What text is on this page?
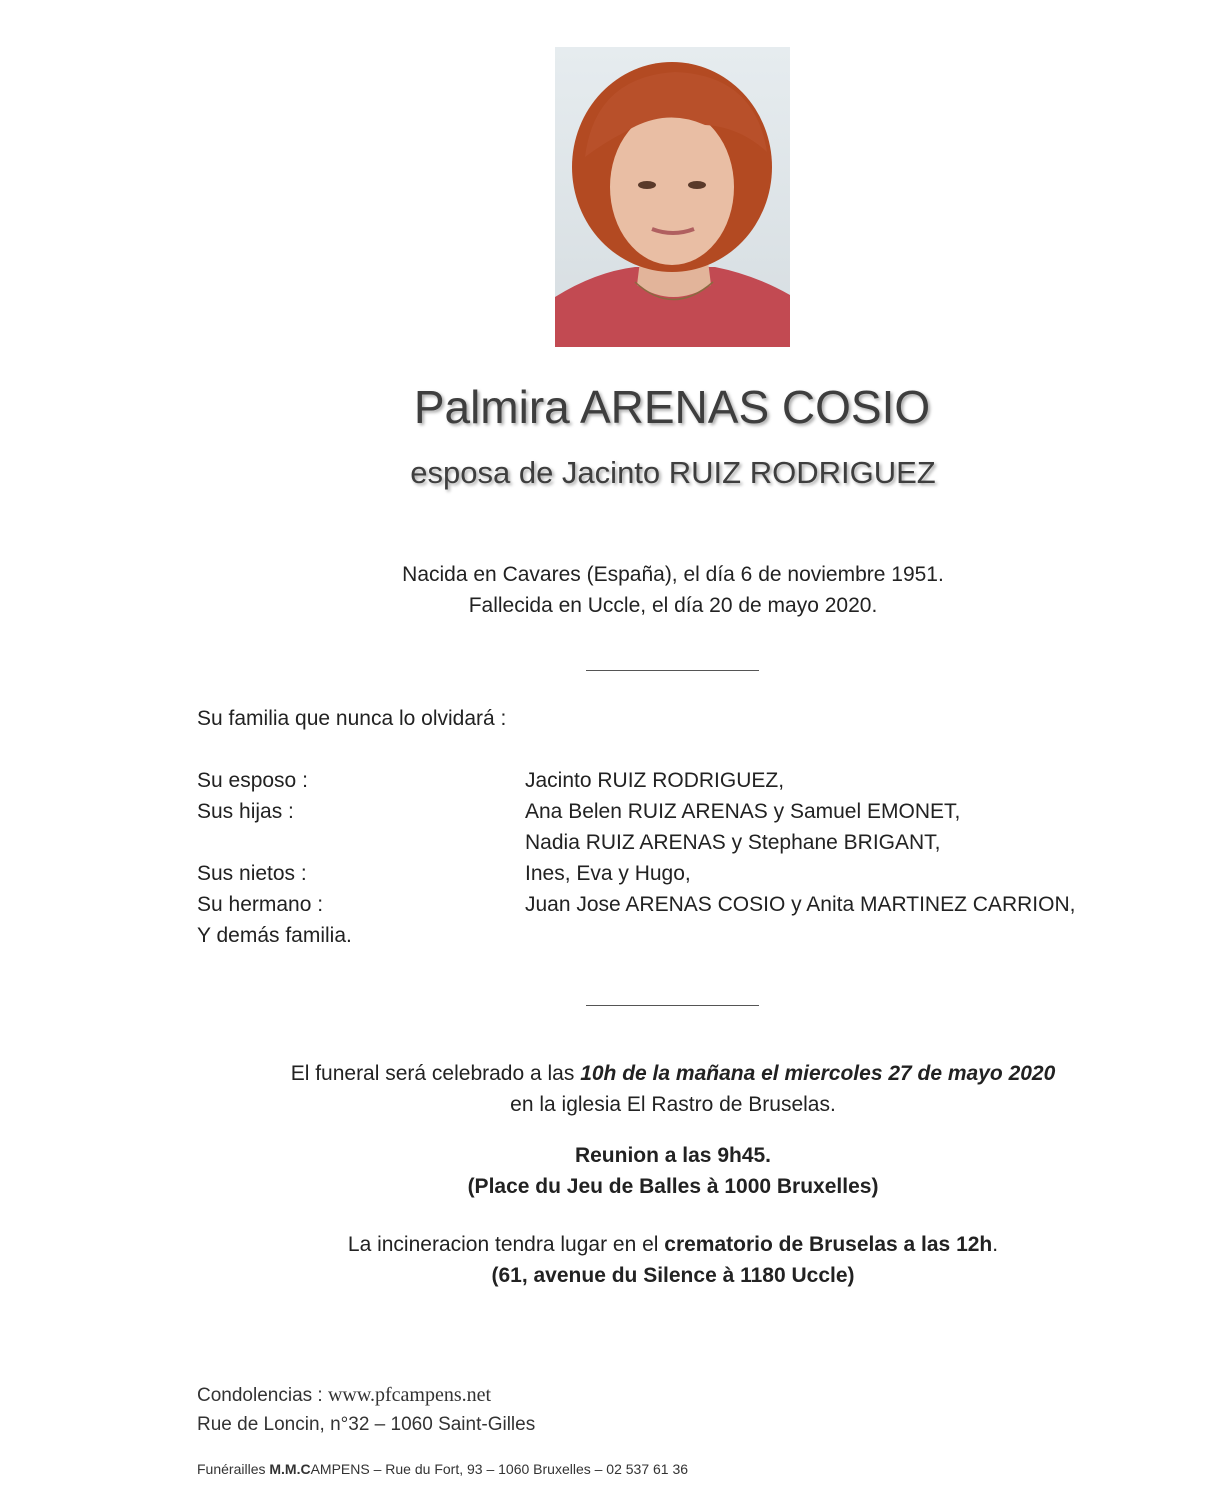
Palmira ARENAS COSIO
esposa de Jacinto RUIZ RODRIGUEZ
Nacida en Cavares (España), el día 6 de noviembre 1951.
Fallecida en Uccle, el día 20 de mayo 2020.
Su familia que nunca lo olvidará :
Su esposo :	Jacinto RUIZ RODRIGUEZ,
Sus hijas :	Ana Belen RUIZ ARENAS y Samuel EMONET,
Nadia RUIZ ARENAS y Stephane BRIGANT,
Sus nietos :	Ines, Eva y Hugo,
Su hermano :	Juan Jose ARENAS COSIO y Anita MARTINEZ CARRION,
Y demás familia.
El funeral será celebrado a las 10h de la mañana el miercoles 27 de mayo 2020
en la iglesia El Rastro de Bruselas.
Reunion a las 9h45.
(Place du Jeu de Balles à 1000 Bruxelles)
La incineracion tendra lugar en el crematorio de Bruselas a las 12h.
(61, avenue du Silence à 1180 Uccle)
Condolencias : www.pfcampens.net
Rue de Loncin, n°32 – 1060 Saint-Gilles
Funérailles M.M.CAMPENS – Rue du Fort, 93 – 1060 Bruxelles – 02 537 61 36
